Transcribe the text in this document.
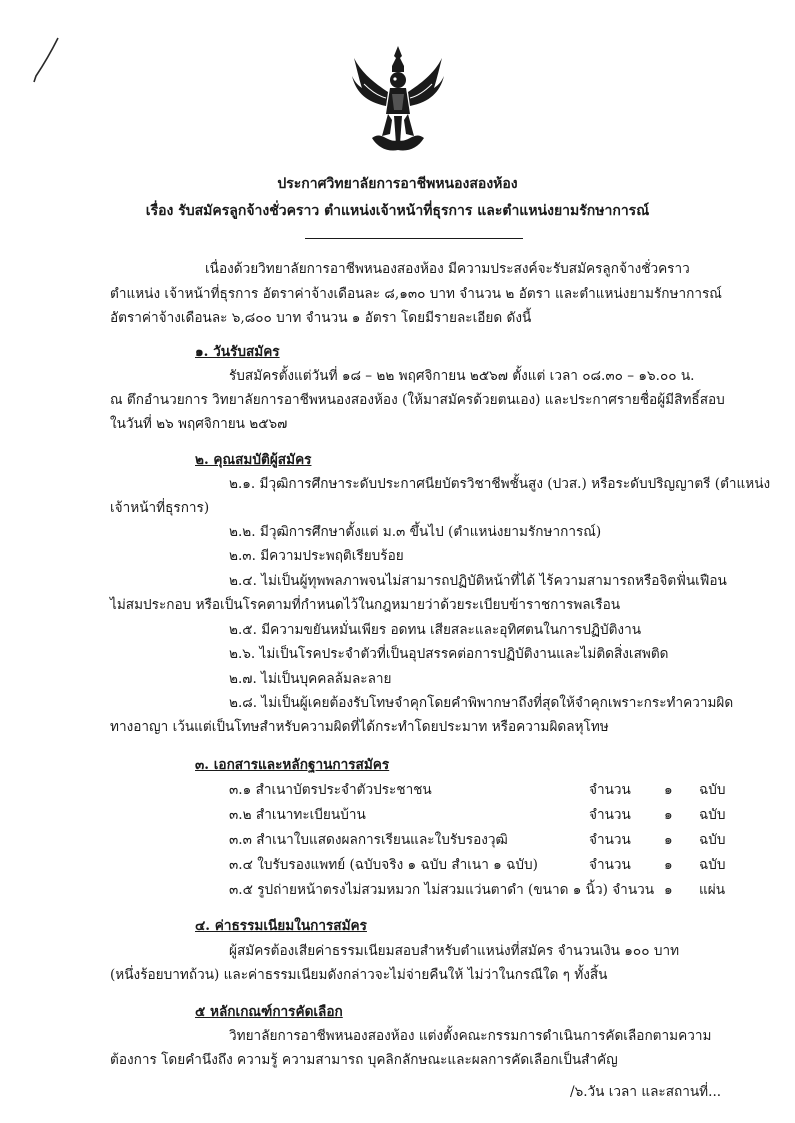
ประกาศวิทยาลัยการอาชีพหนองสองห้อง
เรื่อง รับสมัครลูกจ้างชั่วคราว ตำแหน่งเจ้าหน้าที่ธุรการ และตำแหน่งยามรักษาการณ์
เนื่องด้วยวิทยาลัยการอาชีพหนองสองห้อง มีความประสงค์จะรับสมัครลูกจ้างชั่วคราว
ตำแหน่ง เจ้าหน้าที่ธุรการ อัตราค่าจ้างเดือนละ ๘,๑๓๐ บาท จำนวน ๒ อัตรา และตำแหน่งยามรักษาการณ์
อัตราค่าจ้างเดือนละ ๖,๘๐๐ บาท จำนวน ๑ อัตรา โดยมีรายละเอียด ดังนี้
๑. วันรับสมัคร
รับสมัครตั้งแต่วันที่ ๑๘ – ๒๒ พฤศจิกายน ๒๕๖๗ ตั้งแต่ เวลา ๐๘.๓๐ – ๑๖.๐๐ น.
ณ ตึกอำนวยการ วิทยาลัยการอาชีพหนองสองห้อง (ให้มาสมัครด้วยตนเอง) และประกาศรายชื่อผู้มีสิทธิ์สอบ
ในวันที่ ๒๖ พฤศจิกายน ๒๕๖๗
๒. คุณสมบัติผู้สมัคร
๒.๑. มีวุฒิการศึกษาระดับประกาศนียบัตรวิชาชีพชั้นสูง (ปวส.) หรือระดับปริญญาตรี (ตำแหน่ง
เจ้าหน้าที่ธุรการ)
๒.๒. มีวุฒิการศึกษาตั้งแต่ ม.๓ ขึ้นไป (ตำแหน่งยามรักษาการณ์)
๒.๓. มีความประพฤติเรียบร้อย
๒.๔. ไม่เป็นผู้ทุพพลภาพจนไม่สามารถปฏิบัติหน้าที่ได้ ไร้ความสามารถหรือจิตฟั่นเฟือน
ไม่สมประกอบ หรือเป็นโรคตามที่กำหนดไว้ในกฎหมายว่าด้วยระเบียบข้าราชการพลเรือน
๒.๕. มีความขยันหมั่นเพียร อดทน เสียสละและอุทิศตนในการปฏิบัติงาน
๒.๖. ไม่เป็นโรคประจำตัวที่เป็นอุปสรรคต่อการปฏิบัติงานและไม่ติดสิ่งเสพติด
๒.๗. ไม่เป็นบุคคลล้มละลาย
๒.๘. ไม่เป็นผู้เคยต้องรับโทษจำคุกโดยคำพิพากษาถึงที่สุดให้จำคุกเพราะกระทำความผิด
ทางอาญา เว้นแต่เป็นโทษสำหรับความผิดที่ได้กระทำโดยประมาท หรือความผิดลหุโทษ
๓. เอกสารและหลักฐานการสมัคร
๓.๑ สำเนาบัตรประจำตัวประชาชน	จำนวน ๑ ฉบับ
๓.๒ สำเนาทะเบียนบ้าน	จำนวน ๑ ฉบับ
๓.๓ สำเนาใบแสดงผลการเรียนและใบรับรองวุฒิ	จำนวน ๑ ฉบับ
๓.๔ ใบรับรองแพทย์ (ฉบับจริง ๑ ฉบับ สำเนา ๑ ฉบับ)	จำนวน ๑ ฉบับ
๓.๕ รูปถ่ายหน้าตรงไม่สวมหมวก ไม่สวมแว่นตาดำ (ขนาด ๑ นิ้ว) จำนวน ๑ แผ่น
๔. ค่าธรรมเนียมในการสมัคร
ผู้สมัครต้องเสียค่าธรรมเนียมสอบสำหรับตำแหน่งที่สมัคร จำนวนเงิน ๑๐๐ บาท
(หนึ่งร้อยบาทถ้วน) และค่าธรรมเนียมดังกล่าวจะไม่จ่ายคืนให้ ไม่ว่าในกรณีใด ๆ ทั้งสิ้น
๕ หลักเกณฑ์การคัดเลือก
วิทยาลัยการอาชีพหนองสองห้อง แต่งตั้งคณะกรรมการดำเนินการคัดเลือกตามความ
ต้องการ โดยคำนึงถึง ความรู้ ความสามารถ บุคลิกลักษณะและผลการคัดเลือกเป็นสำคัญ
/๖.วัน เวลา และสถานที่...
